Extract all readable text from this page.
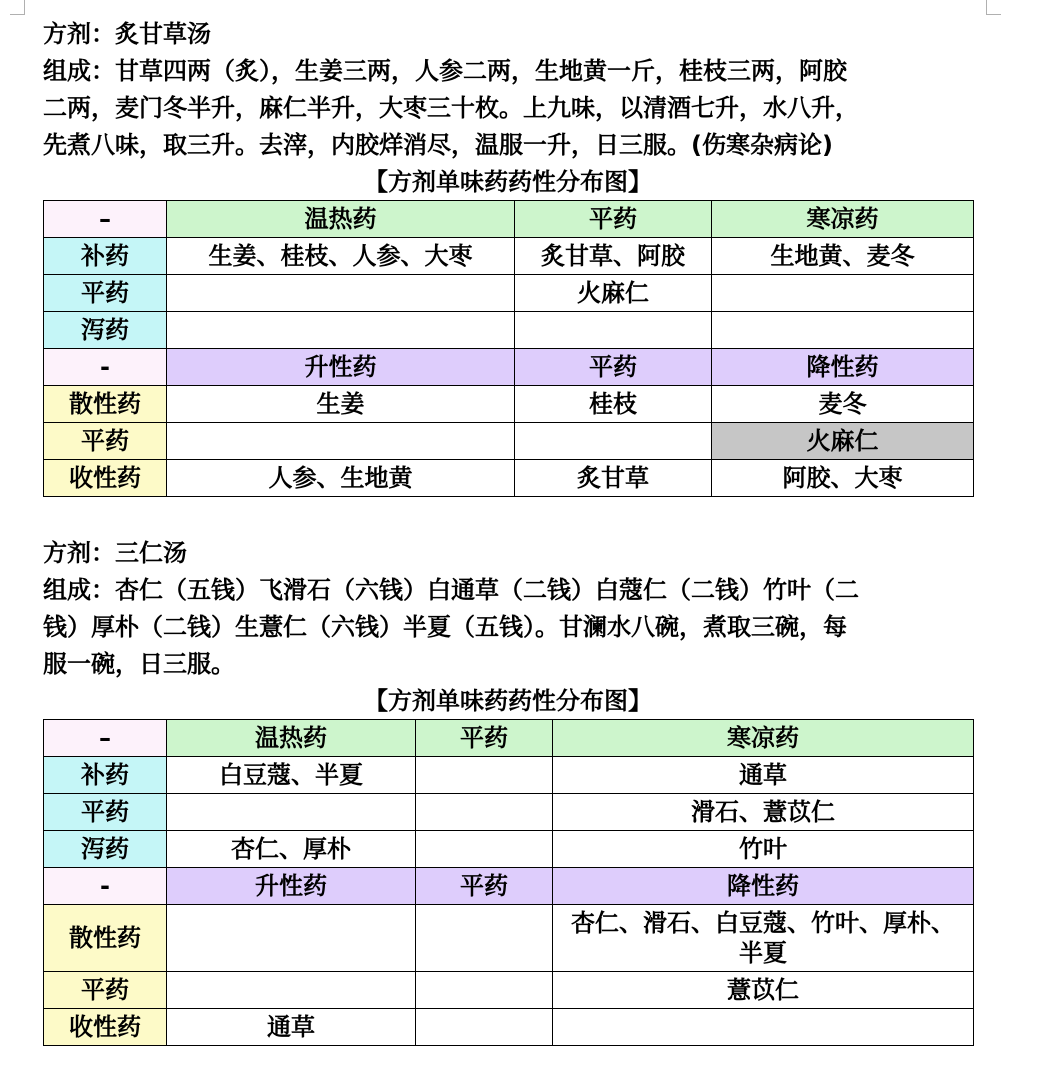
方剂：炙甘草汤
组成：甘草四两（炙），生姜三两，人参二两，生地黄一斤，桂枝三两，阿胶
二两，麦门冬半升，麻仁半升，大枣三十枚。上九味，以清酒七升，水八升，
先煮八味，取三升。去滓，内胶烊消尽，温服一升，日三服。(伤寒杂病论)
【方剂单味药药性分布图】
–	温热药	平药	寒凉药
补药	生姜、桂枝、人参、大枣	炙甘草、阿胶	生地黄、麦冬
平药		火麻仁	
泻药			
-	升性药	平药	降性药
散性药	生姜	桂枝	麦冬
平药			火麻仁
收性药	人参、生地黄	炙甘草	阿胶、大枣
方剂：三仁汤
组成：杏仁（五钱）飞滑石（六钱）白通草（二钱）白蔻仁（二钱）竹叶（二
钱）厚朴（二钱）生薏仁（六钱）半夏（五钱）。甘澜水八碗，煮取三碗，每
服一碗，日三服。
【方剂单味药药性分布图】
–	温热药	平药	寒凉药
补药	白豆蔻、半夏		通草
平药			滑石、薏苡仁
泻药	杏仁、厚朴		竹叶
-	升性药	平药	降性药
散性药			杏仁、滑石、白豆蔻、竹叶、厚朴、半夏
平药			薏苡仁
收性药	通草		
